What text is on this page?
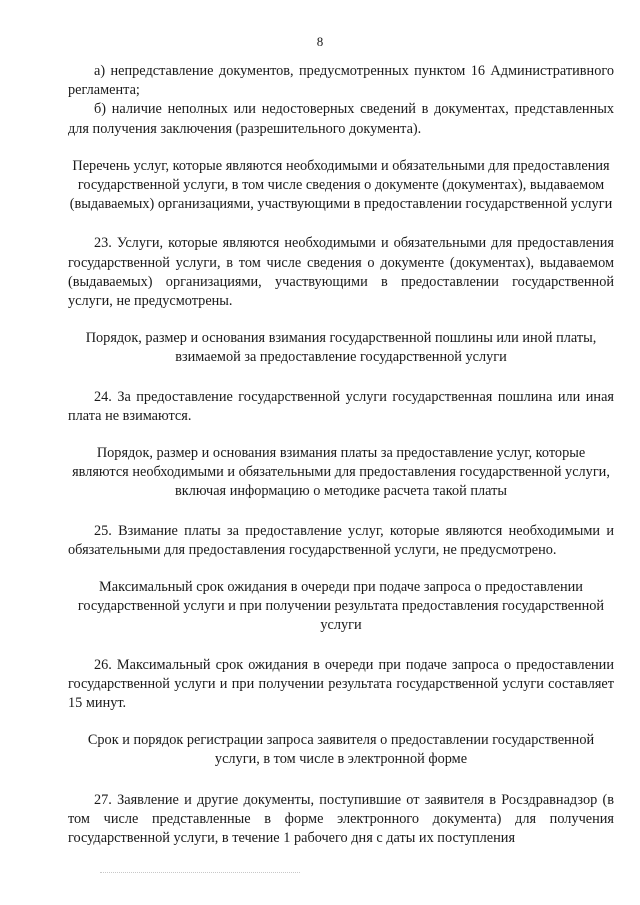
8

а) непредставление документов, предусмотренных пунктом 16 Административного регламента;

б) наличие неполных или недостоверных сведений в документах, представленных для получения заключения (разрешительного документа).

Перечень услуг, которые являются необходимыми и обязательными для предоставления государственной услуги, в том числе сведения о документе (документах), выдаваемом (выдаваемых) организациями, участвующими в предоставлении государственной услуги

23. Услуги, которые являются необходимыми и обязательными для предоставления государственной услуги, в том числе сведения о документе (документах), выдаваемом (выдаваемых) организациями, участвующими в предоставлении государственной услуги, не предусмотрены.

Порядок, размер и основания взимания государственной пошлины или иной платы, взимаемой за предоставление государственной услуги

24. За предоставление государственной услуги государственная пошлина или иная плата не взимаются.

Порядок, размер и основания взимания платы за предоставление услуг, которые являются необходимыми и обязательными для предоставления государственной услуги, включая информацию о методике расчета такой платы

25. Взимание платы за предоставление услуг, которые являются необходимыми и обязательными для предоставления государственной услуги, не предусмотрено.

Максимальный срок ожидания в очереди при подаче запроса о предоставлении государственной услуги и при получении результата предоставления государственной услуги

26. Максимальный срок ожидания в очереди при подаче запроса о предоставлении государственной услуги и при получении результата государственной услуги составляет 15 минут.

Срок и порядок регистрации запроса заявителя о предоставлении государственной услуги, в том числе в электронной форме

27. Заявление и другие документы, поступившие от заявителя в Росздравнадзор (в том числе представленные в форме электронного документа) для получения государственной услуги, в течение 1 рабочего дня с даты их поступления
